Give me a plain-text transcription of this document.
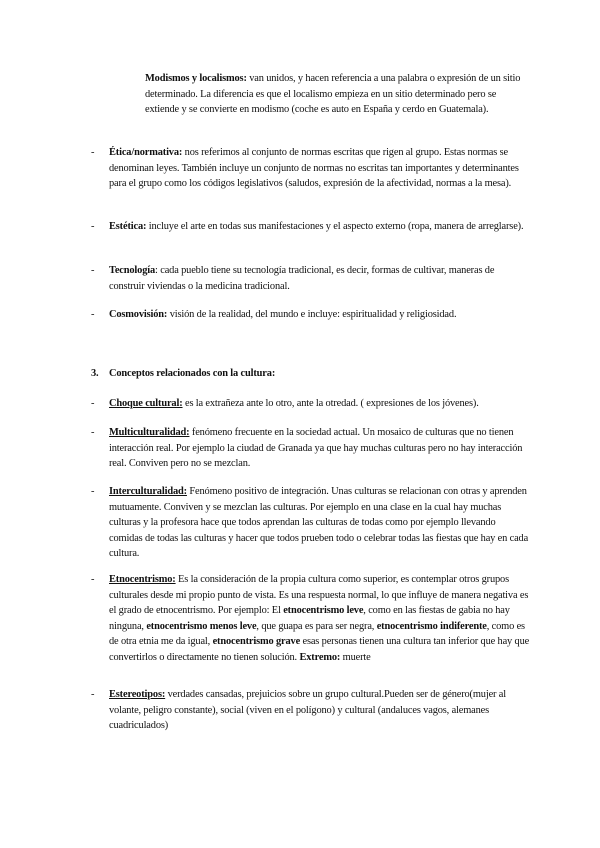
Modismos y localismos: van unidos, y hacen referencia a una palabra o expresión de un sitio determinado. La diferencia es que el localismo empieza en un sitio determinado pero se extiende y se convierte en modismo (coche es auto en España y cerdo en Guatemala).
- Ética/normativa: nos referimos al conjunto de normas escritas que rigen al grupo. Estas normas se denominan leyes. También incluye un conjunto de normas no escritas tan importantes y determinantes para el grupo como los códigos legislativos (saludos, expresión de la afectividad, normas a la mesa).
- Estética: incluye el arte en todas sus manifestaciones y el aspecto externo (ropa, manera de arreglarse).
- Tecnología: cada pueblo tiene su tecnología tradicional, es decir, formas de cultivar, maneras de construir viviendas o la medicina tradicional.
- Cosmovisión: visión de la realidad, del mundo e incluye: espiritualidad y religiosidad.
3. Conceptos relacionados con la cultura:
- Choque cultural: es la extrañeza ante lo otro, ante la otredad. ( expresiones de los jóvenes).
- Multiculturalidad: fenómeno frecuente en la sociedad actual. Un mosaico de culturas que no tienen interacción real. Por ejemplo la ciudad de Granada ya que hay muchas culturas pero no hay interacción real. Conviven pero no se mezclan.
- Interculturalidad: Fenómeno positivo de integración. Unas culturas se relacionan con otras y aprenden mutuamente. Conviven y se mezclan las culturas. Por ejemplo en una clase en la cual hay muchas culturas y la profesora hace que todos aprendan las culturas de todas como por ejemplo llevando comidas de todas las culturas y hacer que todos prueben todo o celebrar todas las fiestas que hay en cada cultura.
- Etnocentrismo: Es la consideración de la propia cultura como superior, es contemplar otros grupos culturales desde mi propio punto de vista. Es una respuesta normal, lo que influye de manera negativa es el grado de etnocentrismo. Por ejemplo: El etnocentrismo leve, como en las fiestas de gabia no hay ninguna, etnocentrismo menos leve, que guapa es para ser negra, etnocentrismo indiferente, como es de otra etnia me da igual, etnocentrismo grave esas personas tienen una cultura tan inferior que hay que convertirlos o directamente no tienen solución. Extremo: muerte
- Estereotipos: verdades cansadas, prejuicios sobre un grupo cultural.Pueden ser de género(mujer al volante, peligro constante), social (viven en el polígono) y cultural (andaluces vagos, alemanes cuadriculados)
